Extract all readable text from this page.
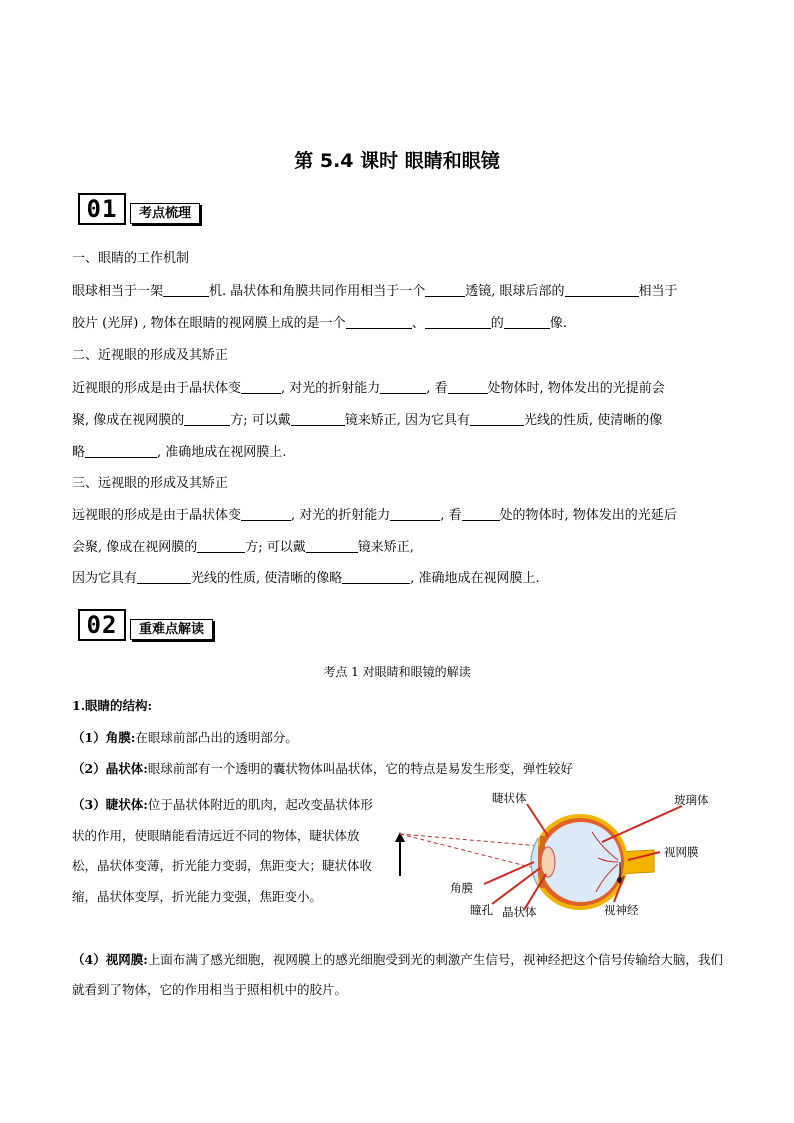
第 5.4 课时 眼睛和眼镜
01	考点梳理

一、眼睛的工作机制

眼球相当于一架	机. 晶状体和角膜共同作用相当于一个	透镜, 眼球后部的	相当于

胶片 (光屏) , 物体在眼睛的视网膜上成的是一个	、	的	像.

二、近视眼的形成及其矫正

近视眼的形成是由于晶状体变	, 对光的折射能力	, 看	处物体时, 物体发出的光提前会

聚, 像成在视网膜的	方; 可以戴	镜来矫正, 因为它具有	光线的性质, 使清晰的像

略	, 准确地成在视网膜上.

三、远视眼的形成及其矫正

远视眼的形成是由于晶状体变	, 对光的折射能力	, 看	处的物体时, 物体发出的光延后

会聚, 像成在视网膜的	方; 可以戴	镜来矫正,

因为它具有	光线的性质, 使清晰的像略	, 准确地成在视网膜上.

02	重难点解读
考点 1 对眼睛和眼镜的解读

1.眼睛的结构:

（1）角膜:在眼球前部凸出的透明部分。

（2）晶状体:眼球前部有一个透明的囊状物体叫晶状体，它的特点是易发生形变，弹性较好

（3）睫状体:位于晶状体附近的肌肉，起改变晶状体形状的作用，使眼睛能看清远近不同的物体，睫状体放松，晶状体变薄，折光能力变弱，焦距变大；睫状体收缩，晶状体变厚，折光能力变强，焦距变小。
睫状体	玻璃体
视网膜
角膜
瞳孔 晶状体	视神经
（4）视网膜:上面布满了感光细胞，视网膜上的感光细胞受到光的刺激产生信号，视神经把这个信号传输给大脑，我们就看到了物体，它的作用相当于照相机中的胶片。
